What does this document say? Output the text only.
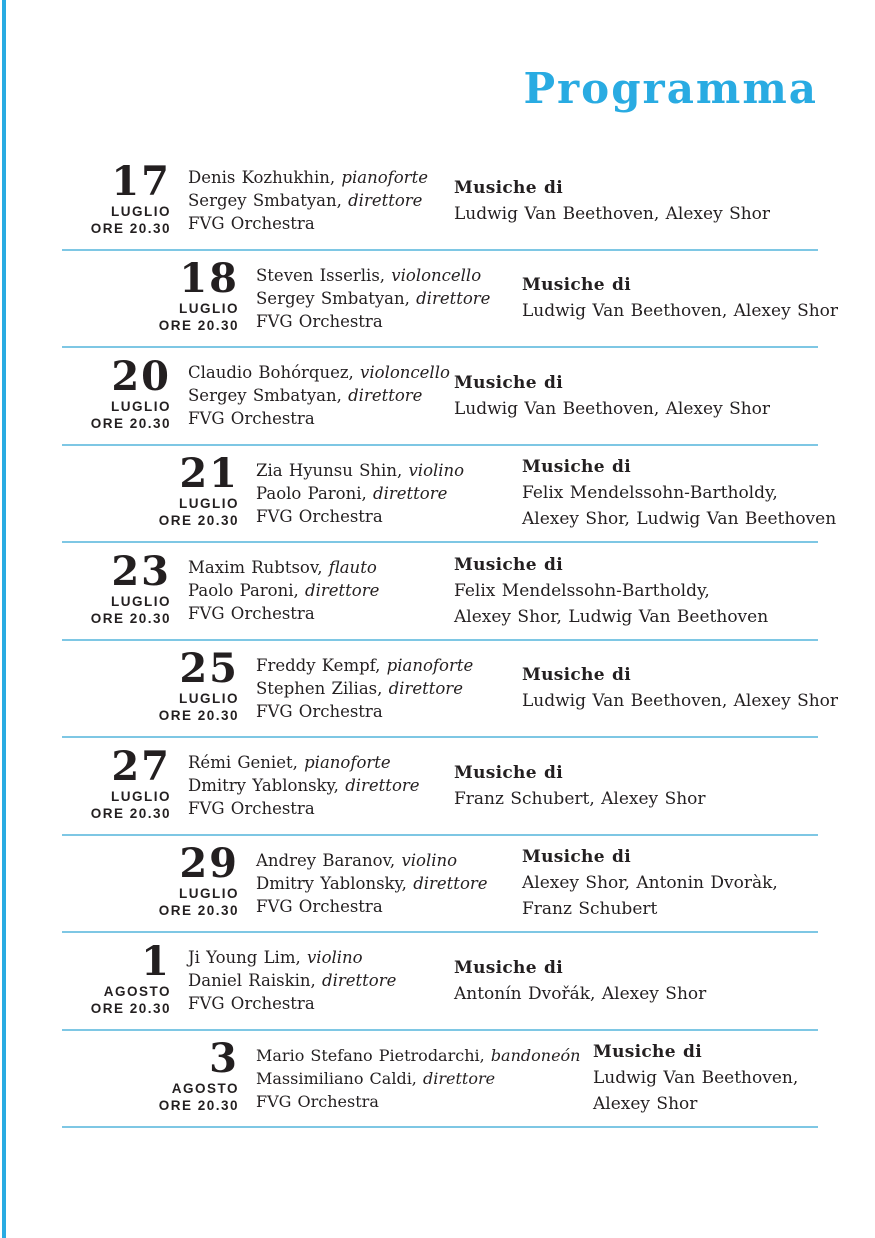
Programma
17
LUGLIO
ORE 20.30
Denis Kozhukhin, pianoforte
Sergey Smbatyan, direttore
FVG Orchestra
Musiche di
Ludwig Van Beethoven, Alexey Shor
18
LUGLIO
ORE 20.30
Steven Isserlis, violoncello
Sergey Smbatyan, direttore
FVG Orchestra
Musiche di
Ludwig Van Beethoven, Alexey Shor
20
LUGLIO
ORE 20.30
Claudio Bohórquez, violoncello
Sergey Smbatyan, direttore
FVG Orchestra
Musiche di
Ludwig Van Beethoven, Alexey Shor
21
LUGLIO
ORE 20.30
Zia Hyunsu Shin, violino
Paolo Paroni, direttore
FVG Orchestra
Musiche di
Felix Mendelssohn-Bartholdy,
Alexey Shor, Ludwig Van Beethoven
23
LUGLIO
ORE 20.30
Maxim Rubtsov, flauto
Paolo Paroni, direttore
FVG Orchestra
Musiche di
Felix Mendelssohn-Bartholdy,
Alexey Shor, Ludwig Van Beethoven
25
LUGLIO
ORE 20.30
Freddy Kempf, pianoforte
Stephen Zilias, direttore
FVG Orchestra
Musiche di
Ludwig Van Beethoven, Alexey Shor
27
LUGLIO
ORE 20.30
Rémi Geniet, pianoforte
Dmitry Yablonsky, direttore
FVG Orchestra
Musiche di
Franz Schubert, Alexey Shor
29
LUGLIO
ORE 20.30
Andrey Baranov, violino
Dmitry Yablonsky, direttore
FVG Orchestra
Musiche di
Alexey Shor, Antonin Dvoràk,
Franz Schubert
1
AGOSTO
ORE 20.30
Ji Young Lim, violino
Daniel Raiskin, direttore
FVG Orchestra
Musiche di
Antonín Dvořák, Alexey Shor
3
AGOSTO
ORE 20.30
Mario Stefano Pietrodarchi, bandoneón
Massimiliano Caldi, direttore
FVG Orchestra
Musiche di
Ludwig Van Beethoven,
Alexey Shor
